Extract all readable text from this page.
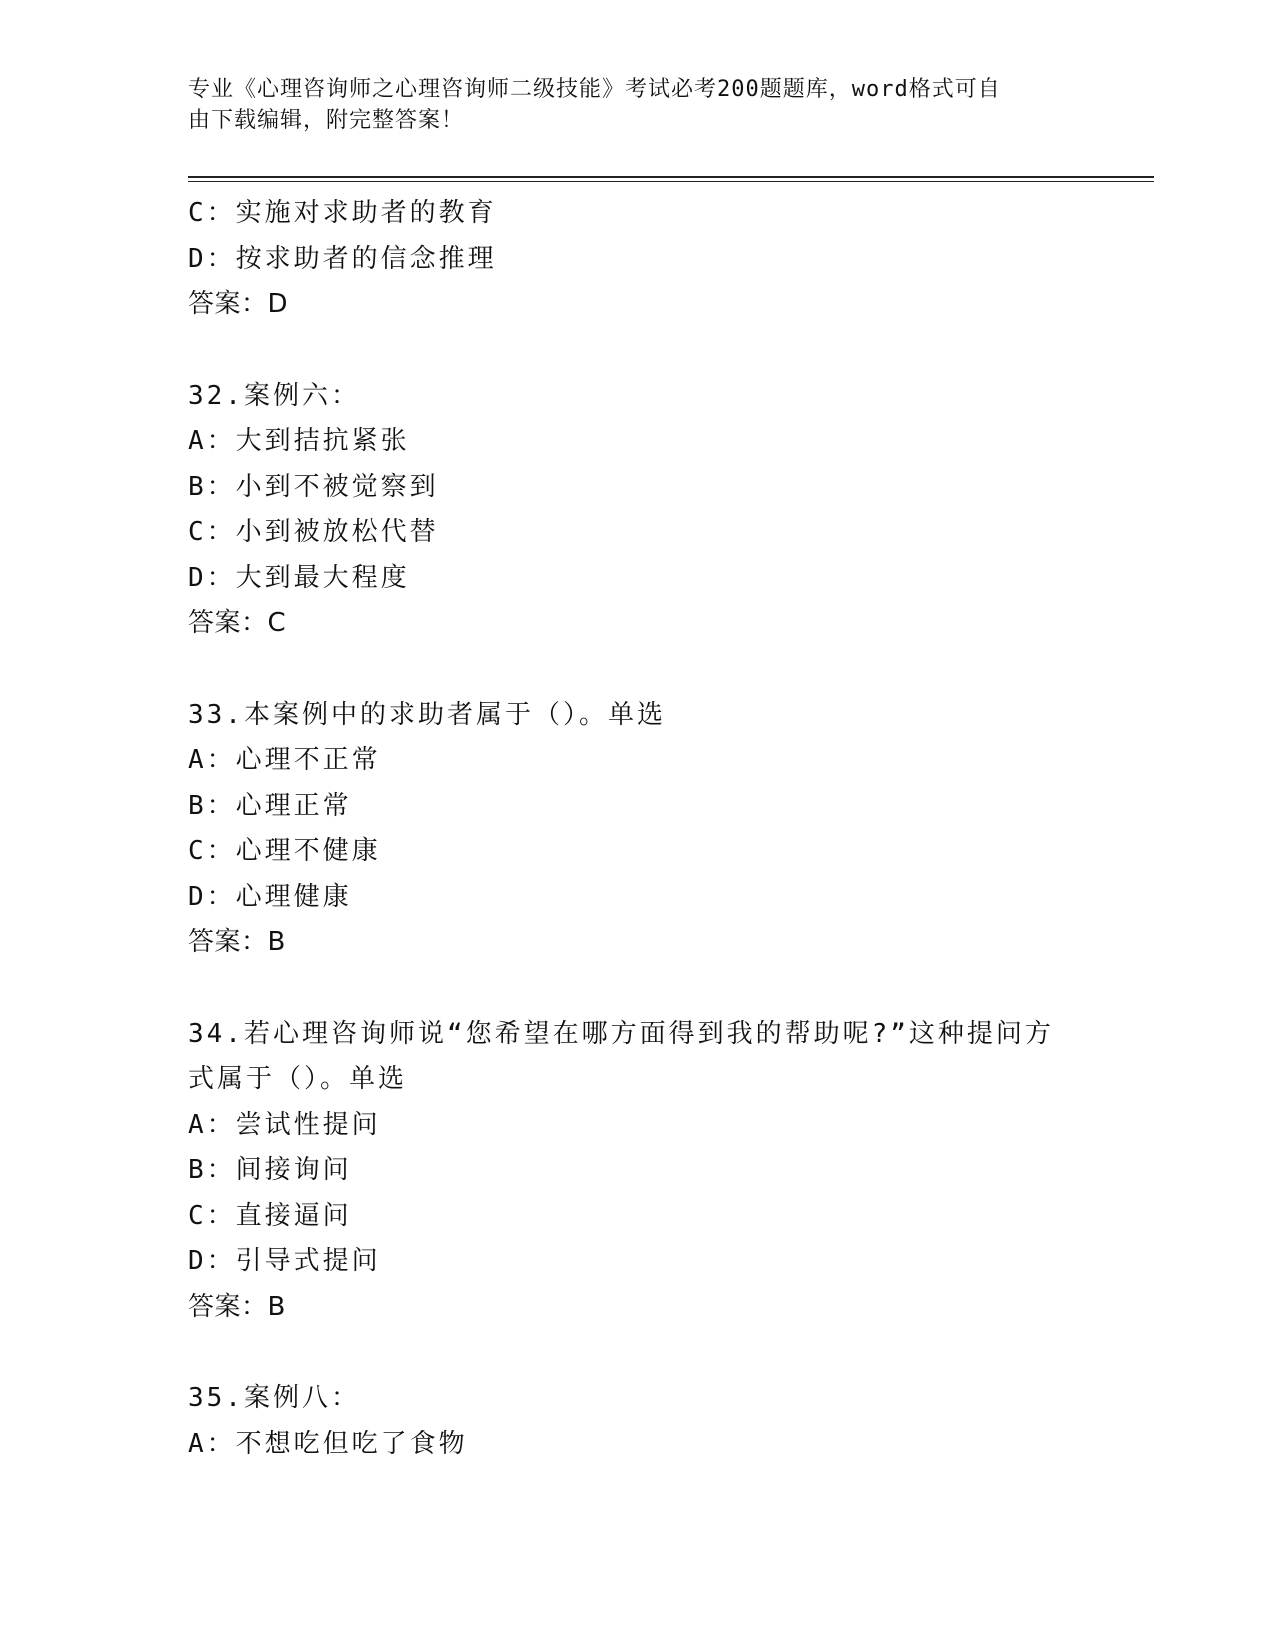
专业《心理咨询师之心理咨询师二级技能》考试必考200题题库，word格式可自
由下载编辑，附完整答案！
C：实施对求助者的教育
D：按求助者的信念推理
答案：D
32.案例六：
A：大到拮抗紧张
B：小到不被觉察到
C：小到被放松代替
D：大到最大程度
答案：C
33.本案例中的求助者属于（）。单选
A：心理不正常
B：心理正常
C：心理不健康
D：心理健康
答案：B
34.若心理咨询师说“您希望在哪方面得到我的帮助呢?”这种提问方
式属于（）。单选
A：尝试性提问
B：间接询问
C：直接逼问
D：引导式提问
答案：B
35.案例八：
A：不想吃但吃了食物
